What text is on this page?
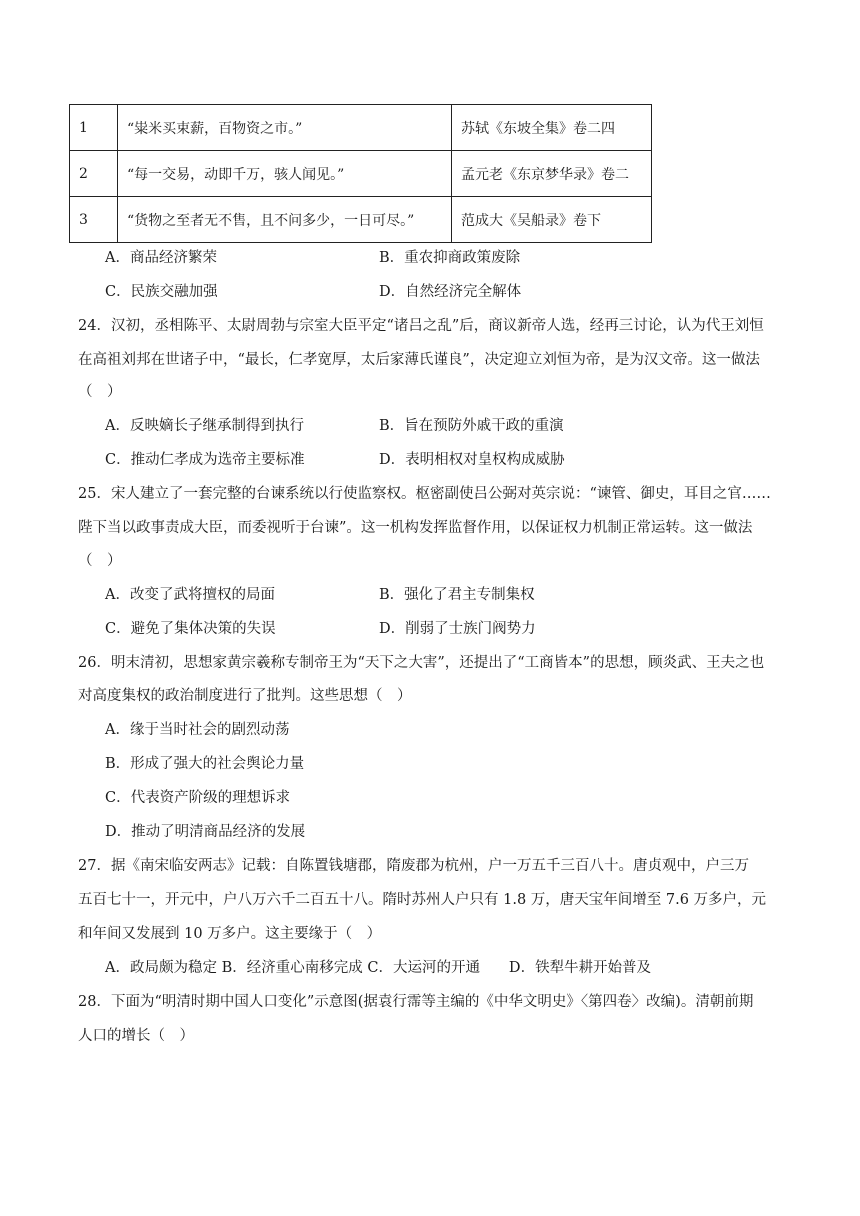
1	“粜米买束薪，百物资之市。”	苏轼《东坡全集》卷二四
2	“每一交易，动即千万，骇人闻见。”	孟元老《东京梦华录》卷二
3	“货物之至者无不售，且不问多少，一日可尽。”	范成大《吴船录》卷下
A．商品经济繁荣	B．重农抑商政策废除
C．民族交融加强	D．自然经济完全解体
24．汉初，丞相陈平、太尉周勃与宗室大臣平定“诸吕之乱”后，商议新帝人选，经再三讨论，认为代王刘恒
在高祖刘邦在世诸子中，“最长，仁孝宽厚，太后家薄氏谨良”，决定迎立刘恒为帝，是为汉文帝。这一做法
（　）
A．反映嫡长子继承制得到执行	B．旨在预防外戚干政的重演
C．推动仁孝成为选帝主要标准	D．表明相权对皇权构成威胁
25．宋人建立了一套完整的台谏系统以行使监察权。枢密副使吕公弼对英宗说：“谏管、御史，耳目之官……
陛下当以政事责成大臣，而委视听于台谏”。这一机构发挥监督作用，以保证权力机制正常运转。这一做法
（　）
A．改变了武将擅权的局面	B．强化了君主专制集权
C．避免了集体决策的失误	D．削弱了士族门阀势力
26．明末清初，思想家黄宗羲称专制帝王为“天下之大害”，还提出了“工商皆本”的思想，顾炎武、王夫之也
对高度集权的政治制度进行了批判。这些思想（　）
A．缘于当时社会的剧烈动荡
B．形成了强大的社会舆论力量
C．代表资产阶级的理想诉求
D．推动了明清商品经济的发展
27．据《南宋临安两志》记载：自陈置钱塘郡，隋废郡为杭州，户一万五千三百八十。唐贞观中，户三万
五百七十一，开元中，户八万六千二百五十八。隋时苏州人户只有 1.8 万，唐天宝年间增至 7.6 万多户，元
和年间又发展到 10 万多户。这主要缘于（　）
A．政局颇为稳定 B．经济重心南移完成 C．大运河的开通　　D．铁犁牛耕开始普及
28．下面为“明清时期中国人口变化”示意图(据袁行霈等主编的《中华文明史》〈第四卷〉改编)。清朝前期
人口的增长（　）
